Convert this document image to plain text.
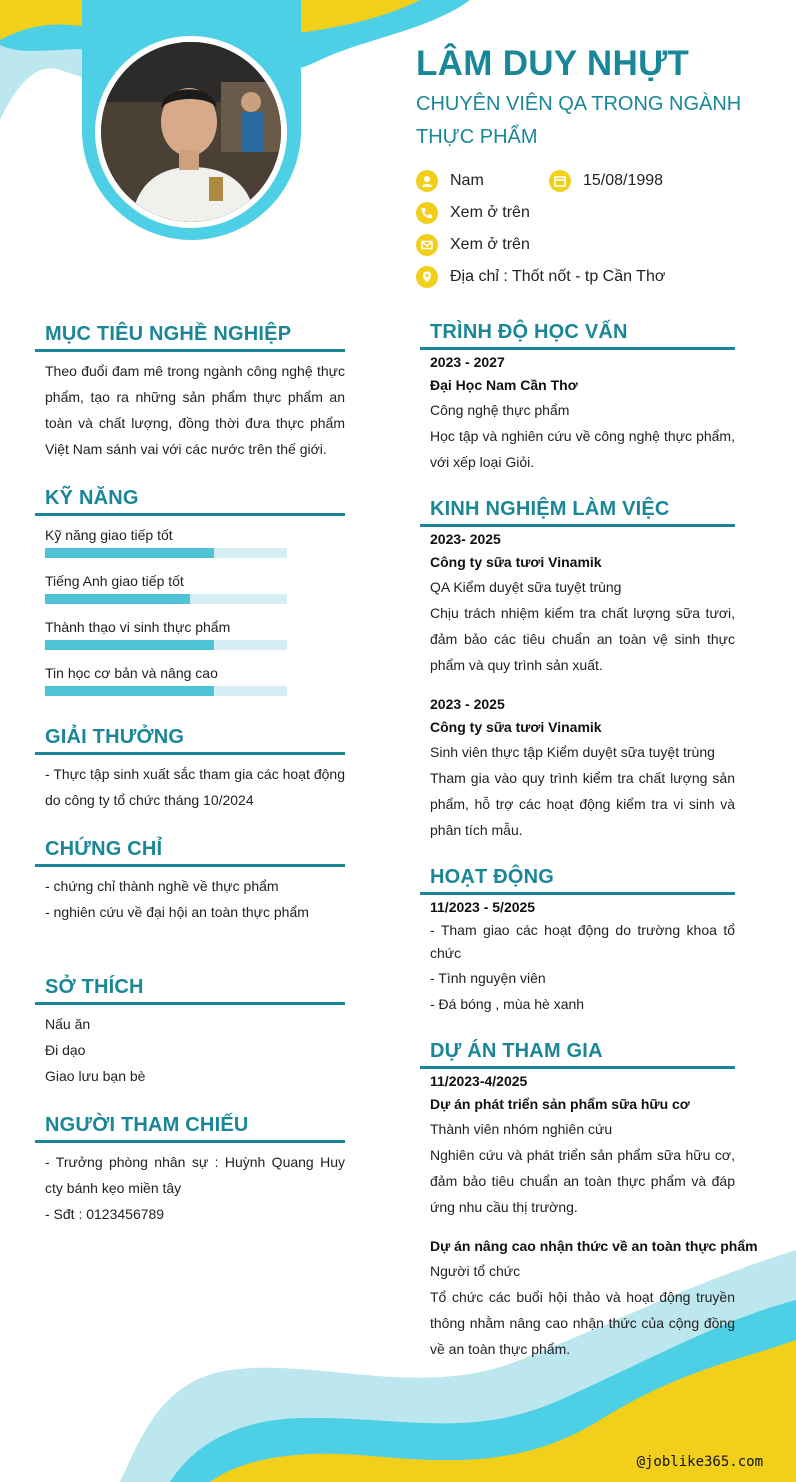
LÂM DUY NHỰT
CHUYÊN VIÊN QA TRONG NGÀNH THỰC PHẨM
Nam	15/08/1998
Xem ở trên
Xem ở trên
Địa chỉ : Thốt nốt - tp Cần Thơ
MỤC TIÊU NGHỀ NGHIỆP
Theo đuổi đam mê trong ngành công nghệ thực phẩm, tạo ra những sản phẩm thực phẩm an toàn và chất lượng, đồng thời đưa thực phẩm Việt Nam sánh vai với các nước trên thế giới.
KỸ NĂNG
Kỹ năng giao tiếp tốt
Tiếng Anh giao tiếp tốt
Thành thạo vi sinh thực phẩm
Tin học cơ bản và nâng cao
GIẢI THƯỞNG
- Thực tập sinh xuất sắc tham gia các hoạt động do công ty tổ chức tháng 10/2024
CHỨNG CHỈ
- chứng chỉ thành nghề về thực phẩm
- nghiên cứu về đại hội an toàn thực phẩm
SỞ THÍCH
Nấu ăn
Đi dạo
Giao lưu bạn bè
NGƯỜI THAM CHIẾU
- Trưởng phòng nhân sự : Huỳnh Quang Huy cty bánh kẹo miền tây
- Sđt : 0123456789
TRÌNH ĐỘ HỌC VẤN
2023 - 2027
Đại Học Nam Cần Thơ
Công nghệ thực phẩm
Học tập và nghiên cứu về công nghệ thực phẩm, với xếp loại Giỏi.
KINH NGHIỆM LÀM VIỆC
2023- 2025
Công ty sữa tươi Vinamik
QA Kiểm duyệt sữa tuyệt trùng
Chịu trách nhiệm kiểm tra chất lượng sữa tươi, đảm bảo các tiêu chuẩn an toàn vệ sinh thực phẩm và quy trình sản xuất.
2023 - 2025
Công ty sữa tươi Vinamik
Sinh viên thực tập Kiểm duyệt sữa tuyệt trùng
Tham gia vào quy trình kiểm tra chất lượng sản phẩm, hỗ trợ các hoạt động kiểm tra vi sinh và phân tích mẫu.
HOẠT ĐỘNG
11/2023 - 5/2025
- Tham giao các hoạt động do trường khoa tổ chức
- Tình nguyện viên
- Đá bóng , mùa hè xanh
DỰ ÁN THAM GIA
11/2023-4/2025
Dự án phát triển sản phẩm sữa hữu cơ
Thành viên nhóm nghiên cứu
Nghiên cứu và phát triển sản phẩm sữa hữu cơ, đảm bảo tiêu chuẩn an toàn thực phẩm và đáp ứng nhu cầu thị trường.
Dự án nâng cao nhận thức về an toàn thực phẩm
Người tổ chức
Tổ chức các buổi hội thảo và hoạt động truyền thông nhằm nâng cao nhận thức của cộng đồng về an toàn thực phẩm.
@joblike365.com
